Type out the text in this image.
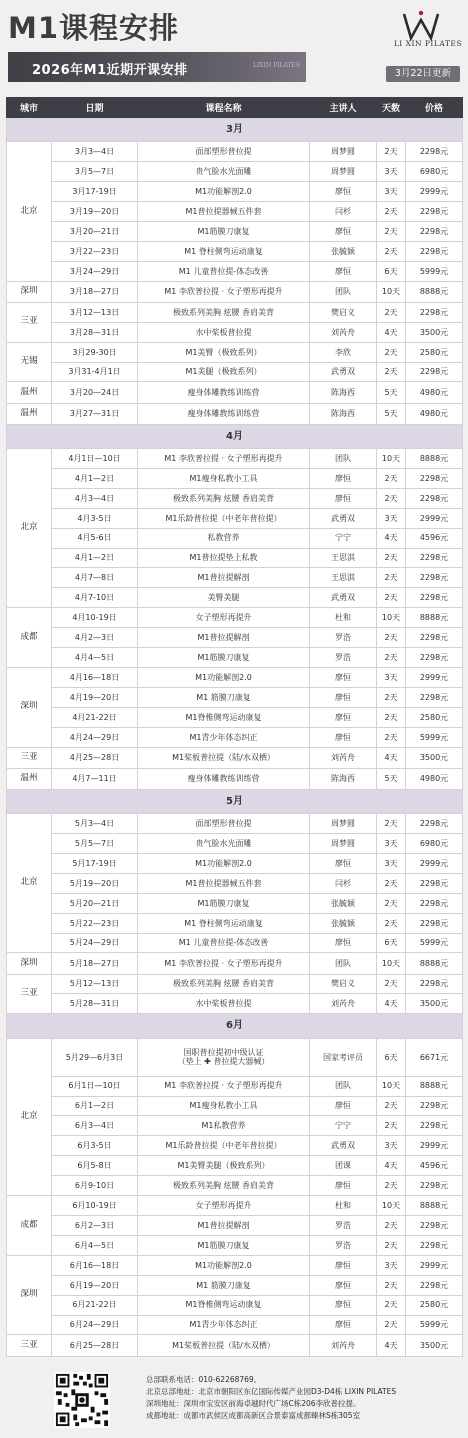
M1课程安排	LI XIN PILATES
2026年M1近期开课安排	LIXIN PILATES
3月22日更新
城市	日期	课程名称	主讲人	天数	价格
3月					
北京	3月3—4日	面部塑形普拉提	周梦圆	2天	2298元
	3月5—7日	贵气脸水光面雕	周梦圆	3天	6980元
	3月17-19日	M1功能解剖2.0	廖恒	3天	2999元
	3月19—20日	M1普拉提器械五件套	闫杉	2天	2298元
	3月20—21日	M1筋膜刀康复	廖恒	2天	2298元
	3月22—23日	M1 脊柱侧弯运动康复	张毓颖	2天	2298元
	3月24—29日	M1 儿童普拉提-体态改善	廖恒	6天	5999元
深圳	3月18—27日	M1 李欣普拉提 · 女子塑形再提升	团队	10天	8888元
三亚	3月12—13日	极致系列美胸 炫腰 香肩美背	樊启义	2天	2298元
	3月28—31日	水中桨板普拉提	刘芮舟	4天	3500元
无锡	3月29-30日	M1美臀（极致系列）	李欣	2天	2580元
	3月31-4月1日	M1美腿（极致系列）	武勇双	2天	2298元
温州	3月20—24日	瘦身体雕教练训练营	陈海西	5天	4980元
温州	3月27—31日	瘦身体雕教练训练营	陈海西	5天	4980元
4月					
北京	4月1日—10日	M1 李欣普拉提 · 女子塑形再提升	团队	10天	8888元
	4月1—2日	M1瘦身私教小工具	廖恒	2天	2298元
	4月3—4日	极致系列美胸 炫腰 香肩美背	廖恒	2天	2298元
	4月3-5日	M1乐龄普拉提（中老年普拉提）	武勇双	3天	2999元
	4月5-6日	私教营养	宁宁	4天	4596元
	4月1—2日	M1普拉提垫上私教	王思淇	2天	2298元
	4月7—8日	M1普拉提解剖	王思淇	2天	2298元
	4月7-10日	美臀美腿	武勇双	2天	2298元
成都	4月10-19日	女子塑形再提升	杜和	10天	8888元
	4月2—3日	M1普拉提解剖	罗浩	2天	2298元
	4月4—5日	M1筋膜刀康复	罗浩	2天	2298元
深圳	4月16—18日	M1功能解剖2.0	廖恒	3天	2999元
	4月19—20日	M1 筋膜刀康复	廖恒	2天	2298元
	4月21-22日	M1脊椎侧弯运动康复	廖恒	2天	2580元
	4月24—29日	M1青少年体态纠正	廖恒	2天	5999元
三亚	4月25—28日	M1桨板普拉提（陆/水双栖）	刘芮舟	4天	3500元
温州	4月7—11日	瘦身体雕教练训练营	陈海西	5天	4980元
5月					
北京	5月3—4日	面部塑形普拉提	周梦圆	2天	2298元
	5月5—7日	贵气脸水光面雕	周梦圆	3天	6980元
	5月17-19日	M1功能解剖2.0	廖恒	3天	2999元
	5月19—20日	M1普拉提器械五件套	闫杉	2天	2298元
	5月20—21日	M1筋膜刀康复	张毓颖	2天	2298元
	5月22—23日	M1 脊柱侧弯运动康复	张毓颖	2天	2298元
	5月24—29日	M1 儿童普拉提-体态改善	廖恒	6天	5999元
深圳	5月18—27日	M1 李欣普拉提 · 女子塑形再提升	团队	10天	8888元
三亚	5月12—13日	极致系列美胸 炫腰 香肩美背	樊启义	2天	2298元
	5月28—31日	水中桨板普拉提	刘芮舟	4天	3500元
6月					
北京	5月29—6月3日	国职普拉提初中级认证
（垫上 ✚ 普拉提大器械）	国家考评员	6天	6671元
	6月1日—10日	M1 李欣普拉提 · 女子塑形再提升	团队	10天	8888元
	6月1—2日	M1瘦身私教小工具	廖恒	2天	2298元
	6月3—4日	M1私教营养	宁宁	2天	2298元
	6月3-5日	M1乐龄普拉提（中老年普拉提）	武勇双	3天	2999元
	6月5-8日	M1美臀美腿（极致系列）	团课	4天	4596元
	6月9-10日	极致系列美胸 炫腰 香肩美背	廖恒	2天	2298元
成都	6月10-19日	女子塑形再提升	杜和	10天	8888元
	6月2—3日	M1普拉提解剖	罗浩	2天	2298元
	6月4—5日	M1筋膜刀康复	罗浩	2天	2298元
深圳	6月16—18日	M1功能解剖2.0	廖恒	3天	2999元
	6月19—20日	M1 筋膜刀康复	廖恒	2天	2298元
	6月21-22日	M1脊椎侧弯运动康复	廖恒	2天	2580元
	6月24—29日	M1青少年体态纠正	廖恒	2天	5999元
三亚	6月25—28日	M1桨板普拉提（陆/水双栖）	刘芮舟	4天	3500元
总部联系电话：010-62268769。
北京总部地址：北京市朝阳区东亿国际传媒产业园D3-D4栋 LIXIN PILATES
深圳地址：深圳市宝安区前海卓越时代广场C栋206李欣普拉提。
成都地址：成都市武侯区成都高新区合景泰富成都臻林S栋305室
